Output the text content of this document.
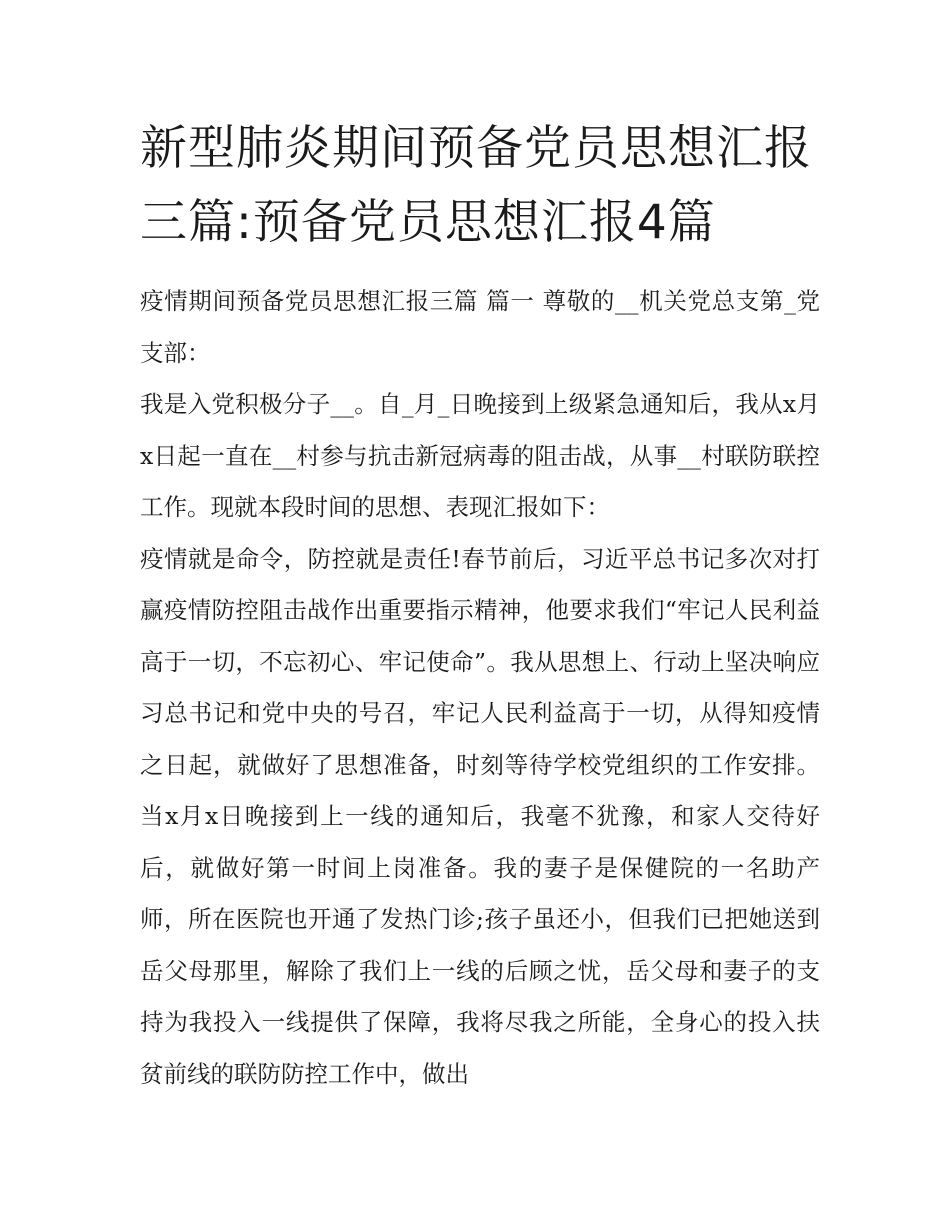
新型肺炎期间预备党员思想汇报三篇:预备党员思想汇报4篇

疫情期间预备党员思想汇报三篇 篇一 尊敬的__机关党总支第_党支部：

我是入党积极分子__。自_月_日晚接到上级紧急通知后，我从x月x日起一直在__村参与抗击新冠病毒的阻击战，从事__村联防联控工作。现就本段时间的思想、表现汇报如下：

疫情就是命令，防控就是责任!春节前后，习近平总书记多次对打赢疫情防控阻击战作出重要指示精神，他要求我们“牢记人民利益高于一切，不忘初心、牢记使命”。我从思想上、行动上坚决响应习总书记和党中央的号召，牢记人民利益高于一切，从得知疫情之日起，就做好了思想准备，时刻等待学校党组织的工作安排。当x月x日晚接到上一线的通知后，我毫不犹豫，和家人交待好后，就做好第一时间上岗准备。我的妻子是保健院的一名助产师，所在医院也开通了发热门诊;孩子虽还小，但我们已把她送到岳父母那里，解除了我们上一线的后顾之忧，岳父母和妻子的支持为我投入一线提供了保障，我将尽我之所能，全身心的投入扶贫前线的联防防控工作中，做出
